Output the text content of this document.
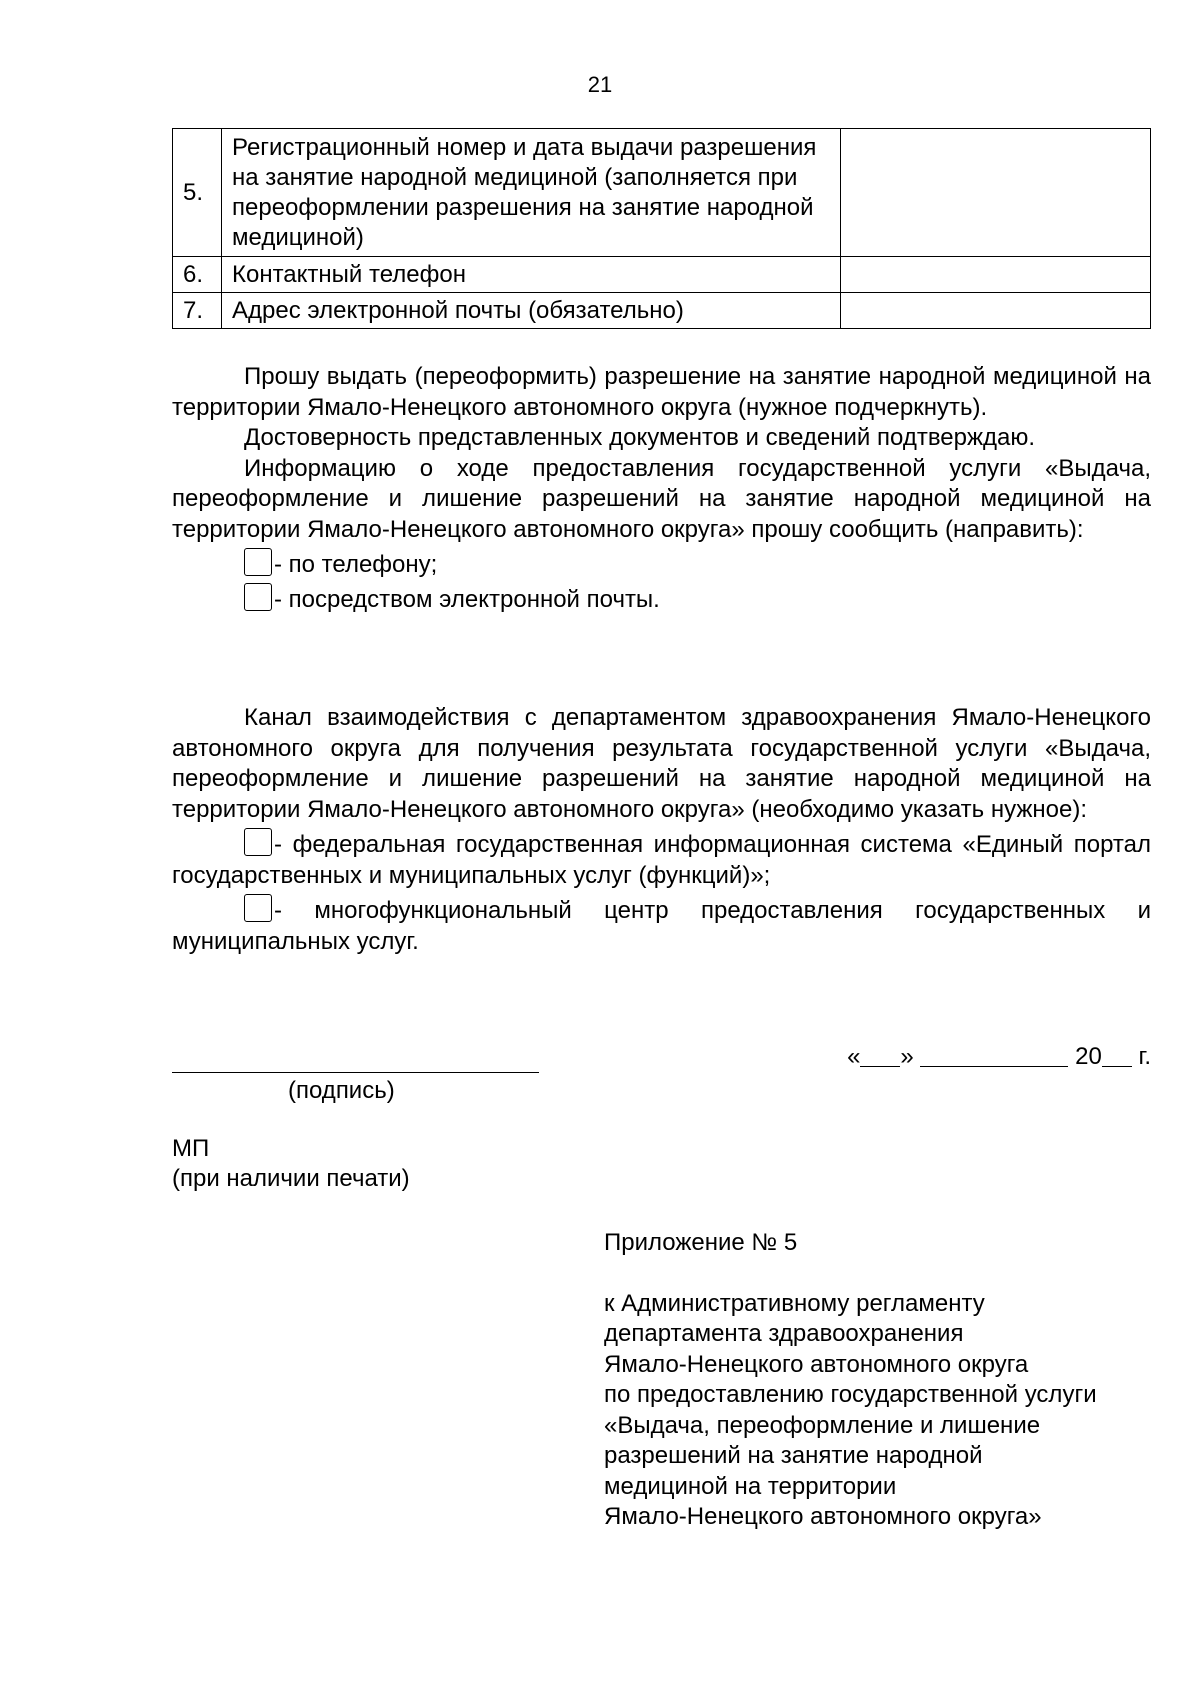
21
5.	Регистрационный номер и дата выдачи разрешения на занятие народной медициной (заполняется при переоформлении разрешения на занятие народной медициной)	
6.	Контактный телефон	
7.	Адрес электронной почты (обязательно)	

Прошу выдать (переоформить) разрешение на занятие народной медициной на территории Ямало-Ненецкого автономного округа (нужное подчеркнуть).

Достоверность представленных документов и сведений подтверждаю.

Информацию о ходе предоставления государственной услуги «Выдача, переоформление и лишение разрешений на занятие народной медициной на территории Ямало-Ненецкого автономного округа» прошу сообщить (направить):

- по телефону;

- посредством электронной почты.

Канал взаимодействия с департаментом здравоохранения Ямало-Ненецкого автономного округа для получения результата государственной услуги «Выдача, переоформление и лишение разрешений на занятие народной медициной на территории Ямало-Ненецкого автономного округа» (необходимо указать нужное):

- федеральная государственная информационная система «Единый портал государственных и муниципальных услуг (функций)»;

- многофункциональный центр предоставления государственных и муниципальных услуг.

(подпись)
« »	20 г.
МП
(при наличии печати)

Приложение № 5

к Административному регламенту

департамента здравоохранения

Ямало-Ненецкого автономного округа

по предоставлению государственной услуги

«Выдача, переоформление и лишение

разрешений на занятие народной

медициной на территории

Ямало-Ненецкого автономного округа»
